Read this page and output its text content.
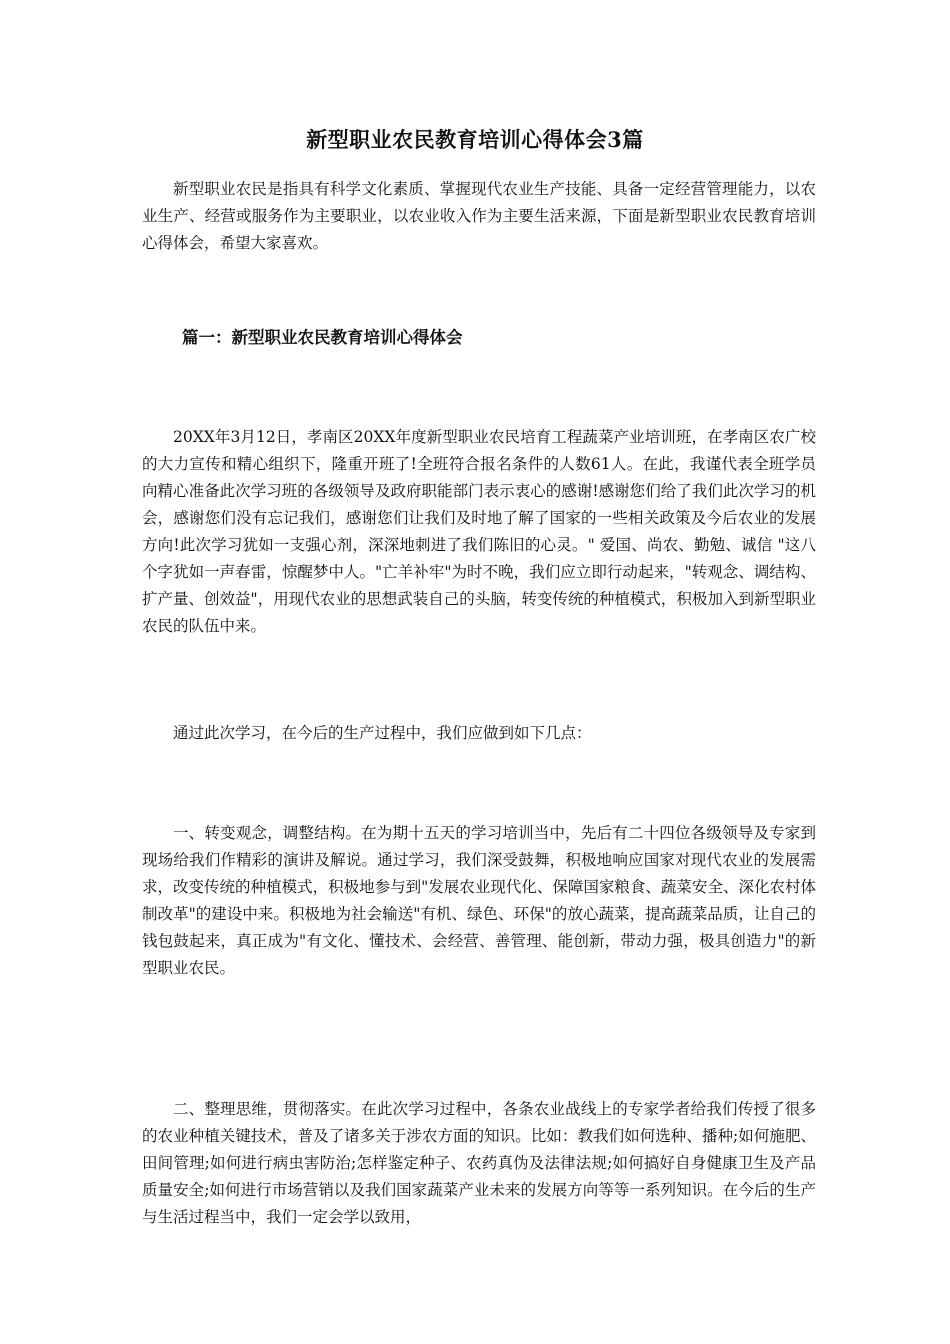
新型职业农民教育培训心得体会3篇

新型职业农民是指具有科学文化素质、掌握现代农业生产技能、具备一定经营管理能力，以农业生产、经营或服务作为主要职业，以农业收入作为主要生活来源，下面是新型职业农民教育培训心得体会，希望大家喜欢。

篇一：新型职业农民教育培训心得体会

20XX年3月12日，孝南区20XX年度新型职业农民培育工程蔬菜产业培训班，在孝南区农广校的大力宣传和精心组织下，隆重开班了!全班符合报名条件的人数61人。在此，我谨代表全班学员向精心准备此次学习班的各级领导及政府职能部门表示衷心的感谢!感谢您们给了我们此次学习的机会，感谢您们没有忘记我们，感谢您们让我们及时地了解了国家的一些相关政策及今后农业的发展方向!此次学习犹如一支强心剂，深深地刺进了我们陈旧的心灵。" 爱国、尚农、勤勉、诚信 "这八个字犹如一声春雷，惊醒梦中人。"亡羊补牢"为时不晚，我们应立即行动起来，"转观念、调结构、扩产量、创效益"，用现代农业的思想武装自己的头脑，转变传统的种植模式，积极加入到新型职业农民的队伍中来。

通过此次学习，在今后的生产过程中，我们应做到如下几点：

一、转变观念，调整结构。在为期十五天的学习培训当中，先后有二十四位各级领导及专家到现场给我们作精彩的演讲及解说。通过学习，我们深受鼓舞，积极地响应国家对现代农业的发展需求，改变传统的种植模式，积极地参与到"发展农业现代化、保障国家粮食、蔬菜安全、深化农村体制改革"的建设中来。积极地为社会输送"有机、绿色、环保"的放心蔬菜，提高蔬菜品质，让自己的钱包鼓起来，真正成为"有文化、懂技术、会经营、善管理、能创新，带动力强，极具创造力"的新型职业农民。

二、整理思维，贯彻落实。在此次学习过程中，各条农业战线上的专家学者给我们传授了很多的农业种植关键技术，普及了诸多关于涉农方面的知识。比如：教我们如何选种、播种;如何施肥、田间管理;如何进行病虫害防治;怎样鉴定种子、农药真伪及法律法规;如何搞好自身健康卫生及产品质量安全;如何进行市场营销以及我们国家蔬菜产业未来的发展方向等等一系列知识。在今后的生产与生活过程当中，我们一定会学以致用，
